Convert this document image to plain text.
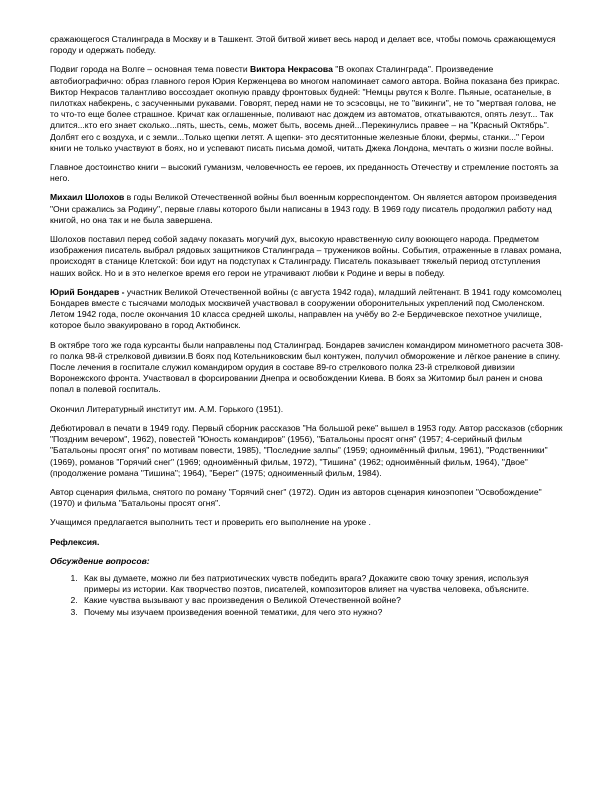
сражающегося Сталинграда в Москву и в Ташкент. Этой битвой живет весь народ и делает все, чтобы помочь сражающемуся городу и одержать победу.

Подвиг города на Волге – основная тема повести Виктора Некрасова "В окопах Сталинграда". Произведение автобиографично: образ главного героя Юрия Керженцева во многом напоминает самого автора. Война показана без прикрас. Виктор Некрасов талантливо воссоздает окопную правду фронтовых будней: "Немцы рвутся к Волге. Пьяные, осатанелые, в пилотках набекрень, с засученными рукавами. Говорят, перед нами не то эсэсовцы, не то "викинги", не то "мертвая голова, не то что-то еще более страшное. Кричат как оглашенные, поливают нас дождем из автоматов, откатываются, опять лезут... Так длится...кто его знает сколько...пять, шесть, семь, может быть, восемь дней...Перекинулись правее – на "Красный Октябрь". Долбят его с воздуха, и с земли...Только щепки летят. А щепки- это десятитонные железные блоки, фермы, станки..." Герои книги не только участвуют в боях, но и успевают писать письма домой, читать Джека Лондона, мечтать о жизни после войны.

Главное достоинство книги – высокий гуманизм, человечность ее героев, их преданность Отечеству и стремление постоять за него.

Михаил Шолохов в годы Великой Отечественной войны был военным корреспондентом. Он является автором произведения "Они сражались за Родину", первые главы которого были написаны в 1943 году. В 1969 году писатель продолжил работу над книгой, но она так и не была завершена.

Шолохов поставил перед собой задачу показать могучий дух, высокую нравственную силу воюющего народа. Предметом изображения писатель выбрал рядовых защитников Сталинграда – тружеников войны. События, отраженные в главах романа, происходят в станице Клетской: бои идут на подступах к Сталинграду. Писатель показывает тяжелый период отступления наших войск. Но и в это нелегкое время его герои не утрачивают любви к Родине и веры в победу.

Юрий Бондарев - участник Великой Отечественной войны (с августа 1942 года), младший лейтенант. В 1941 году комсомолец Бондарев вместе с тысячами молодых москвичей участвовал в сооружении оборонительных укреплений под Смоленском. Летом 1942 года, после окончания 10 класса средней школы, направлен на учёбу во 2-е Бердичевское пехотное училище, которое было эвакуировано в город Актюбинск.

В октябре того же года курсанты были направлены под Сталинград. Бондарев зачислен командиром минометного расчета 308-го полка 98-й стрелковой дивизии.В боях под Котельниковским был контужен, получил обморожение и лёгкое ранение в спину. После лечения в госпитале служил командиром орудия в составе 89-го стрелкового полка 23-й стрелковой дивизии Воронежского фронта. Участвовал в форсировании Днепра и освобождении Киева. В боях за Житомир был ранен и снова попал в полевой госпиталь.

Окончил Литературный институт им. А.М. Горького (1951).

Дебютировал в печати в 1949 году. Первый сборник рассказов "На большой реке" вышел в 1953 году. Автор рассказов (сборник "Поздним вечером", 1962), повестей "Юность командиров" (1956), "Батальоны просят огня" (1957; 4-серийный фильм "Батальоны просят огня" по мотивам повести, 1985), "Последние залпы" (1959; одноимённый фильм, 1961), "Родственники" (1969), романов "Горячий снег" (1969; одноимённый фильм, 1972), "Тишина" (1962; одноимённый фильм, 1964), "Двое" (продолжение романа "Тишина"; 1964), "Берег" (1975; одноименный фильм, 1984).

Автор сценария фильма, снятого по роману "Горячий снег" (1972). Один из авторов сценария киноэпопеи "Освобождение" (1970) и фильма "Батальоны просят огня".

Учащимся предлагается выполнить тест и проверить его выполнение на уроке .

Рефлексия.
Обсуждение вопросов:
1. Как вы думаете, можно ли без патриотических чувств победить врага? Докажите свою точку зрения, используя примеры из истории. Как творчество поэтов, писателей, композиторов влияет на чувства человека, объясните.
2. Какие чувства вызывают у вас произведения о Великой Отечественной войне?
3. Почему мы изучаем произведения военной тематики, для чего это нужно?
